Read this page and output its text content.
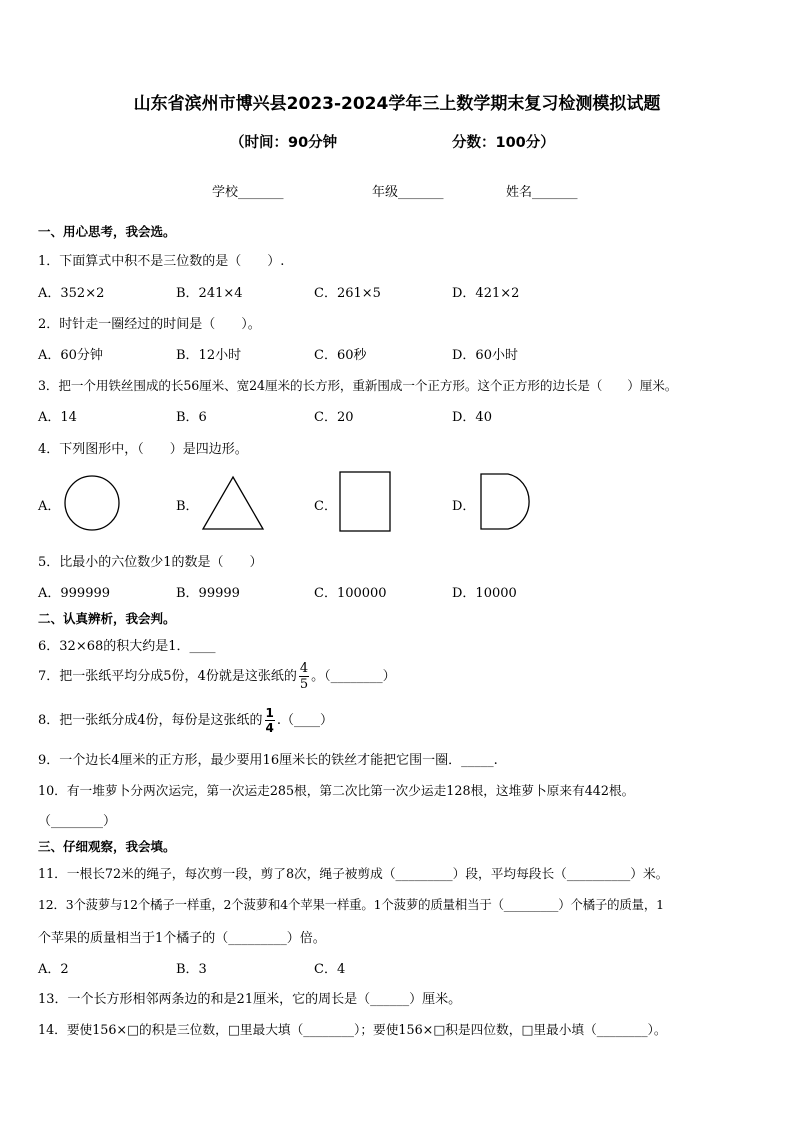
山东省滨州市博兴县2023-2024学年三上数学期末复习检测模拟试题
（时间：90分钟	分数：100分）
学校_______	年级_______	姓名_______
一、用心思考，我会选。
1．下面算式中积不是三位数的是（　　）.
A．352×2	B．241×4	C．261×5	D．421×2
2．时针走一圈经过的时间是（　　）。
A．60分钟	B．12小时	C．60秒	D．60小时
3．把一个用铁丝围成的长56厘米、宽24厘米的长方形，重新围成一个正方形。这个正方形的边长是（　　）厘米。
A．14	B．6	C．20	D．40
4．下列图形中，（　　）是四边形。
A．	B．	C．	D．
5．比最小的六位数少1的数是（　　）
A．999999	B．99999	C．100000	D．10000
二、认真辨析，我会判。
6．32×68的积大约是1．____
7．把一张纸平均分成5份，4份就是这张纸的 $\frac{4}{5}$ 。（________）
8．把一张纸分成4份，每份是这张纸的 $\frac{1}{4}$ .（____）
9．一个边长4厘米的正方形，最少要用16厘米长的铁丝才能把它围一圈．_____.
10．有一堆萝卜分两次运完，第一次运走285根，第二次比第一次少运走128根，这堆萝卜原来有442根。
（________）
三、仔细观察，我会填。
11．一根长72米的绳子，每次剪一段，剪了8次，绳子被剪成（_________）段，平均每段长（__________）米。
12．3个菠萝与12个橘子一样重，2个菠萝和4个苹果一样重。1个菠萝的质量相当于（_________）个橘子的质量，1
个苹果的质量相当于1个橘子的（_________）倍。
A．2	B．3	C．4
13．一个长方形相邻两条边的和是21厘米，它的周长是（______）厘米。
14．要使156×□的积是三位数，□里最大填（________）；要使156×□积是四位数，□里最小填（________）。
